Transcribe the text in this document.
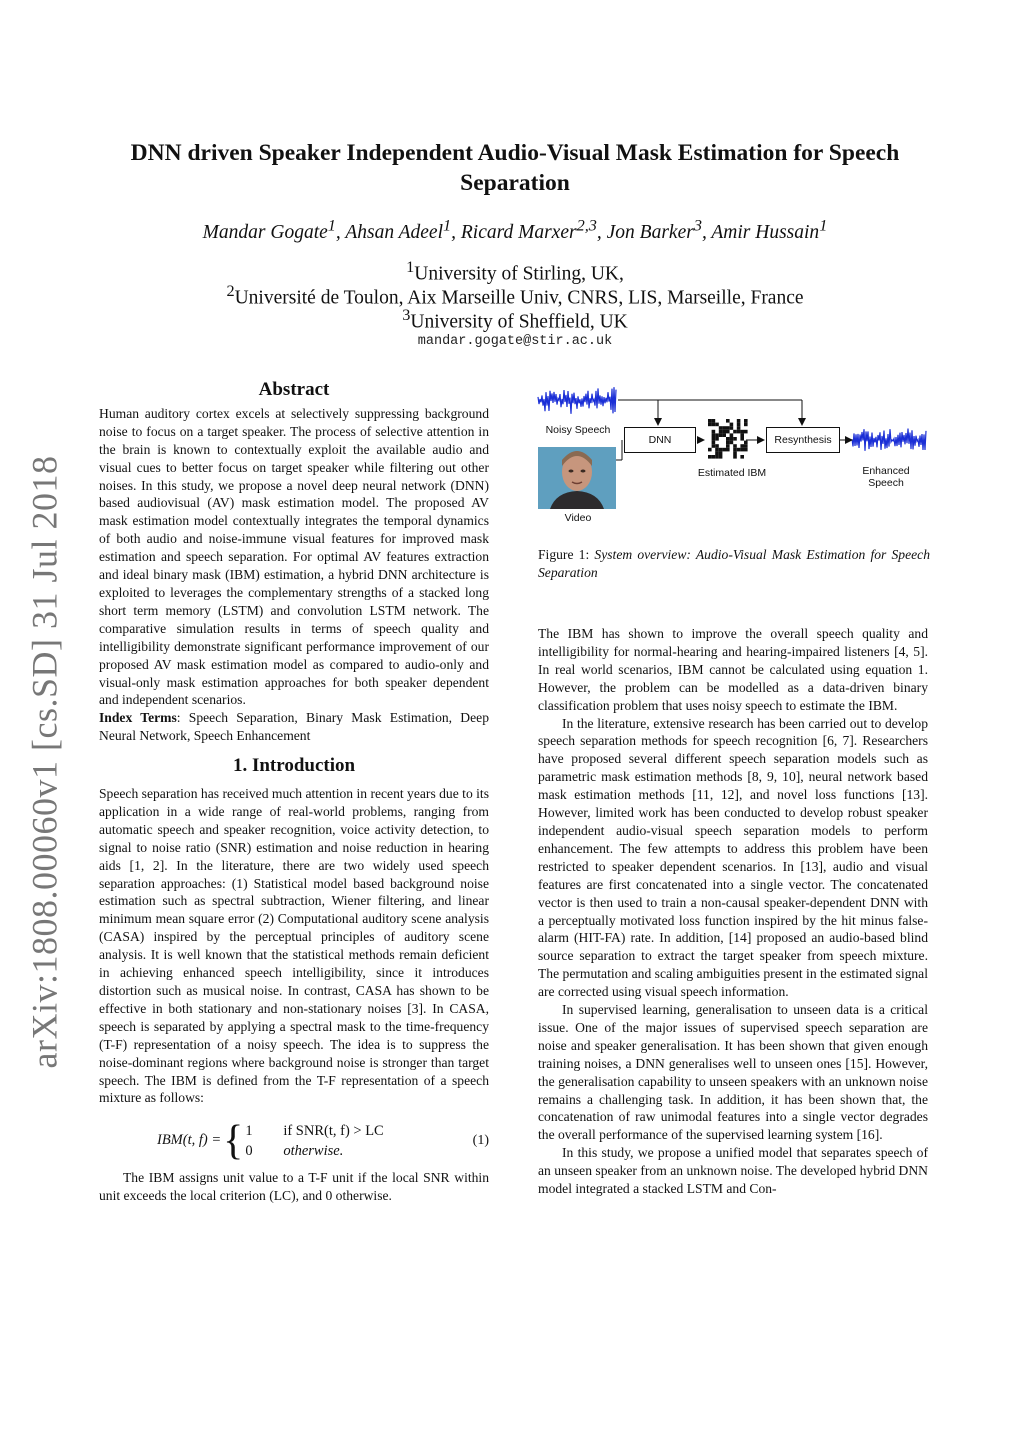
arXiv:1808.00060v1 [cs.SD] 31 Jul 2018
DNN driven Speaker Independent Audio-Visual Mask Estimation for Speech Separation
Mandar Gogate$^1$, Ahsan Adeel$^1$, Ricard Marxer$^{2,3}$, Jon Barker$^3$, Amir Hussain$^1$
$^1$University of Stirling, UK,
$^2$Université de Toulon, Aix Marseille Univ, CNRS, LIS, Marseille, France
$^3$University of Sheffield, UK
mandar.gogate@stir.ac.uk
Abstract

Human auditory cortex excels at selectively suppressing background noise to focus on a target speaker. The process of selective attention in the brain is known to contextually exploit the available audio and visual cues to better focus on target speaker while filtering out other noises. In this study, we propose a novel deep neural network (DNN) based audiovisual (AV) mask estimation model. The proposed AV mask estimation model contextually integrates the temporal dynamics of both audio and noise-immune visual features for improved mask estimation and speech separation. For optimal AV features extraction and ideal binary mask (IBM) estimation, a hybrid DNN architecture is exploited to leverages the complementary strengths of a stacked long short term memory (LSTM) and convolution LSTM network. The comparative simulation results in terms of speech quality and intelligibility demonstrate significant performance improvement of our proposed AV mask estimation model as compared to audio-only and visual-only mask estimation approaches for both speaker dependent and independent scenarios.

Index Terms: Speech Separation, Binary Mask Estimation, Deep Neural Network, Speech Enhancement

1. Introduction

Speech separation has received much attention in recent years due to its application in a wide range of real-world problems, ranging from automatic speech and speaker recognition, voice activity detection, to signal to noise ratio (SNR) estimation and noise reduction in hearing aids [1, 2]. In the literature, there are two widely used speech separation approaches: (1) Statistical model based background noise estimation such as spectral subtraction, Wiener filtering, and linear minimum mean square error (2) Computational auditory scene analysis (CASA) inspired by the perceptual principles of auditory scene analysis. It is well known that the statistical methods remain deficient in achieving enhanced speech intelligibility, since it introduces distortion such as musical noise. In contrast, CASA has shown to be effective in both stationary and non-stationary noises [3]. In CASA, speech is separated by applying a spectral mask to the time-frequency (T-F) representation of a noisy speech. The idea is to suppress the noise-dominant regions where background noise is stronger than target speech. The IBM is defined from the T-F representation of a speech mixture as follows:

IBM(t, f) = { 1 if SNR(t, f) > LC
0 otherwise.
(1)

The IBM assigns unit value to a T-F unit if the local SNR within unit exceeds the local criterion (LC), and 0 otherwise.

Noisy Speech
Video
DNN
Estimated IBM
Resynthesis
Enhanced Speech
Figure 1: System overview: Audio-Visual Mask Estimation for Speech Separation

The IBM has shown to improve the overall speech quality and intelligibility for normal-hearing and hearing-impaired listeners [4, 5]. In real world scenarios, IBM cannot be calculated using equation 1. However, the problem can be modelled as a data-driven binary classification problem that uses noisy speech to estimate the IBM.

In the literature, extensive research has been carried out to develop speech separation methods for speech recognition [6, 7]. Researchers have proposed several different speech separation models such as parametric mask estimation methods [8, 9, 10], neural network based mask estimation methods [11, 12], and novel loss functions [13]. However, limited work has been conducted to develop robust speaker independent audio-visual speech separation models to perform enhancement. The few attempts to address this problem have been restricted to speaker dependent scenarios. In [13], audio and visual features are first concatenated into a single vector. The concatenated vector is then used to train a non-causal speaker-dependent DNN with a perceptually motivated loss function inspired by the hit minus false-alarm (HIT-FA) rate. In addition, [14] proposed an audio-based blind source separation to extract the target speaker from speech mixture. The permutation and scaling ambiguities present in the estimated signal are corrected using visual speech information.

In supervised learning, generalisation to unseen data is a critical issue. One of the major issues of supervised speech separation are noise and speaker generalisation. It has been shown that given enough training noises, a DNN generalises well to unseen ones [15]. However, the generalisation capability to unseen speakers with an unknown noise remains a challenging task. In addition, it has been shown that, the concatenation of raw unimodal features into a single vector degrades the overall performance of the supervised learning system [16].

In this study, we propose a unified model that separates speech of an unseen speaker from an unknown noise. The developed hybrid DNN model integrated a stacked LSTM and Con-
